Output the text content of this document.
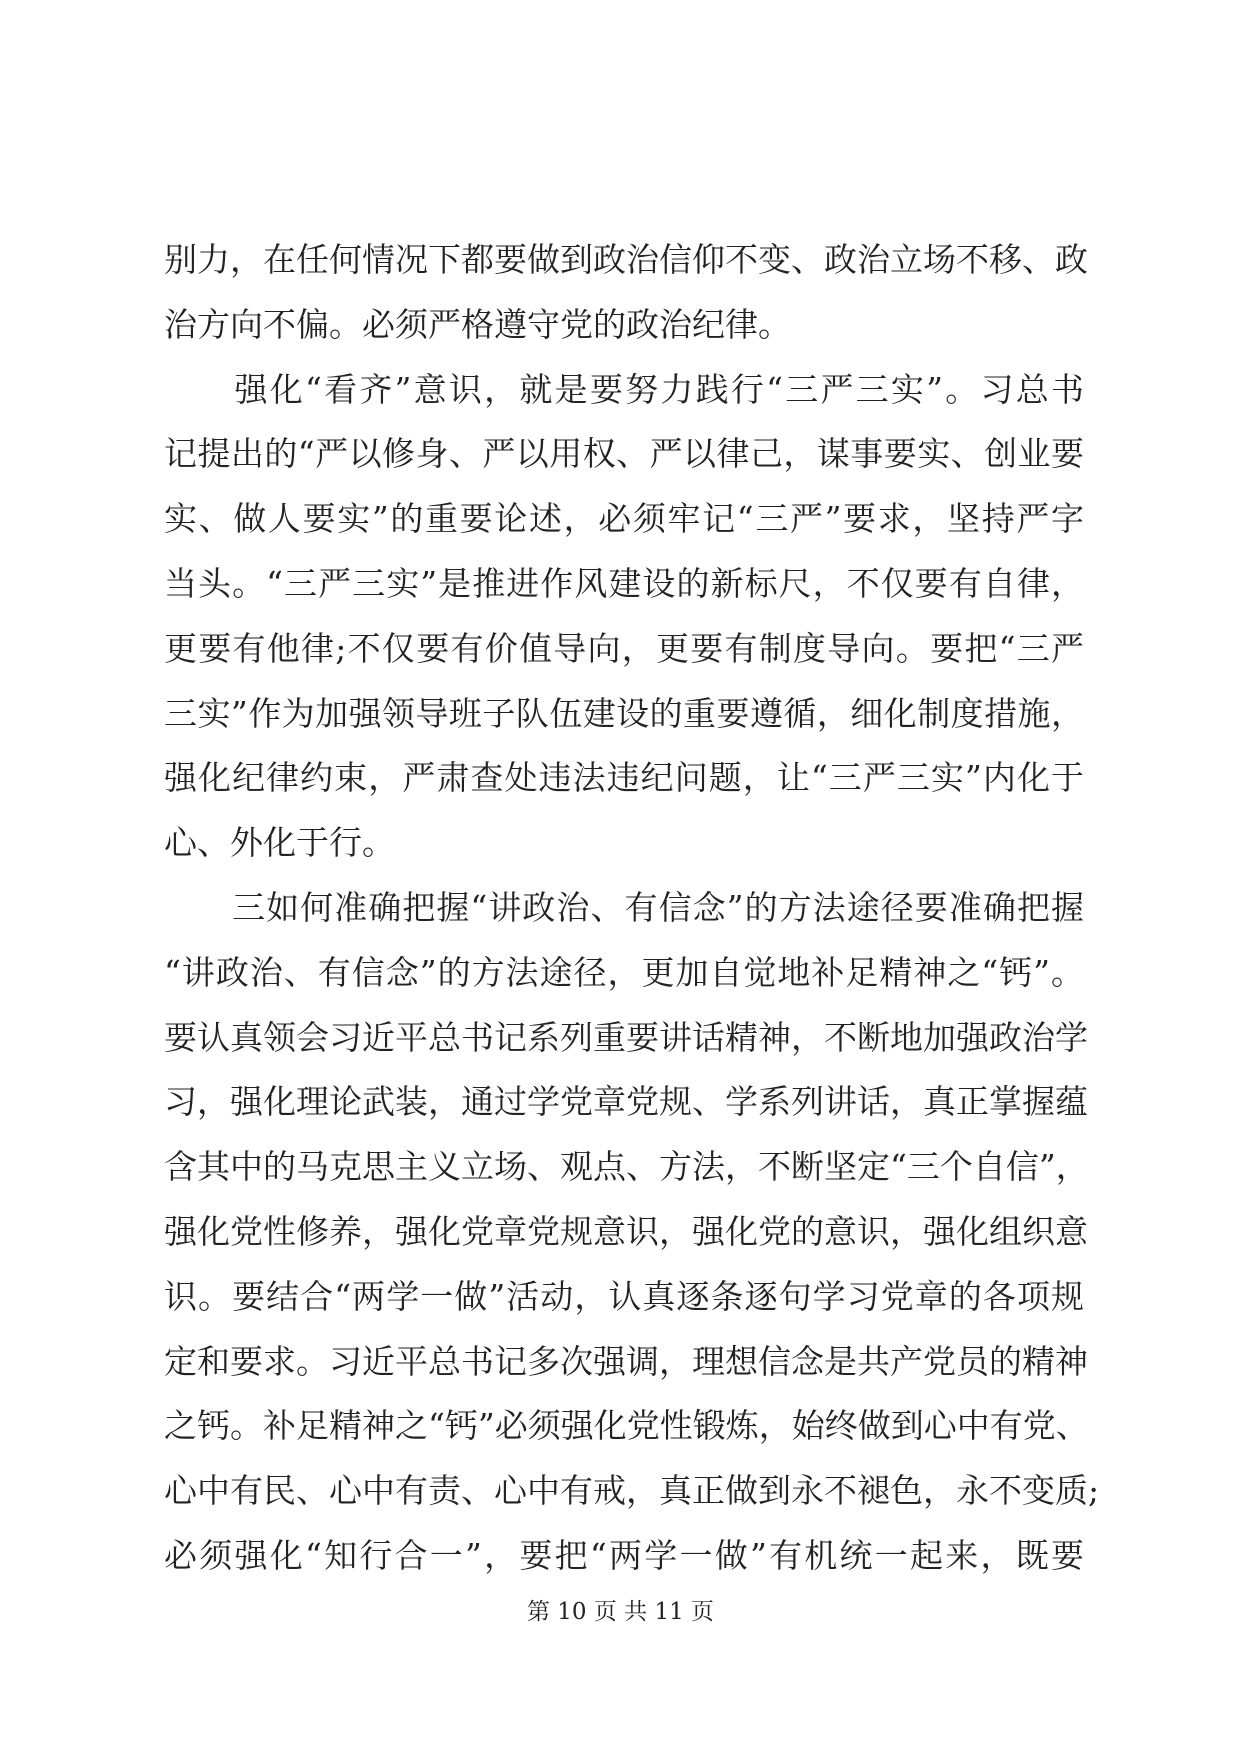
别力，在任何情况下都要做到政治信仰不变、政治立场不移、政
治方向不偏。必须严格遵守党的政治纪律。
　　强化“看齐”意识，就是要努力践行“三严三实”。习总书
记提出的“严以修身、严以用权、严以律己，谋事要实、创业要
实、做人要实”的重要论述，必须牢记“三严”要求，坚持严字
当头。“三严三实”是推进作风建设的新标尺，不仅要有自律，
更要有他律;不仅要有价值导向，更要有制度导向。要把“三严
三实”作为加强领导班子队伍建设的重要遵循，细化制度措施，
强化纪律约束，严肃查处违法违纪问题，让“三严三实”内化于
心、外化于行。
　　三如何准确把握“讲政治、有信念”的方法途径要准确把握
“讲政治、有信念”的方法途径，更加自觉地补足精神之“钙”。
要认真领会习近平总书记系列重要讲话精神，不断地加强政治学
习，强化理论武装，通过学党章党规、学系列讲话，真正掌握蕴
含其中的马克思主义立场、观点、方法，不断坚定“三个自信”，
强化党性修养，强化党章党规意识，强化党的意识，强化组织意
识。要结合“两学一做”活动，认真逐条逐句学习党章的各项规
定和要求。习近平总书记多次强调，理想信念是共产党员的精神
之钙。补足精神之“钙”必须强化党性锻炼，始终做到心中有党、
心中有民、心中有责、心中有戒，真正做到永不褪色，永不变质;
必须强化“知行合一”，要把“两学一做”有机统一起来，既要
第 10 页 共 11 页
